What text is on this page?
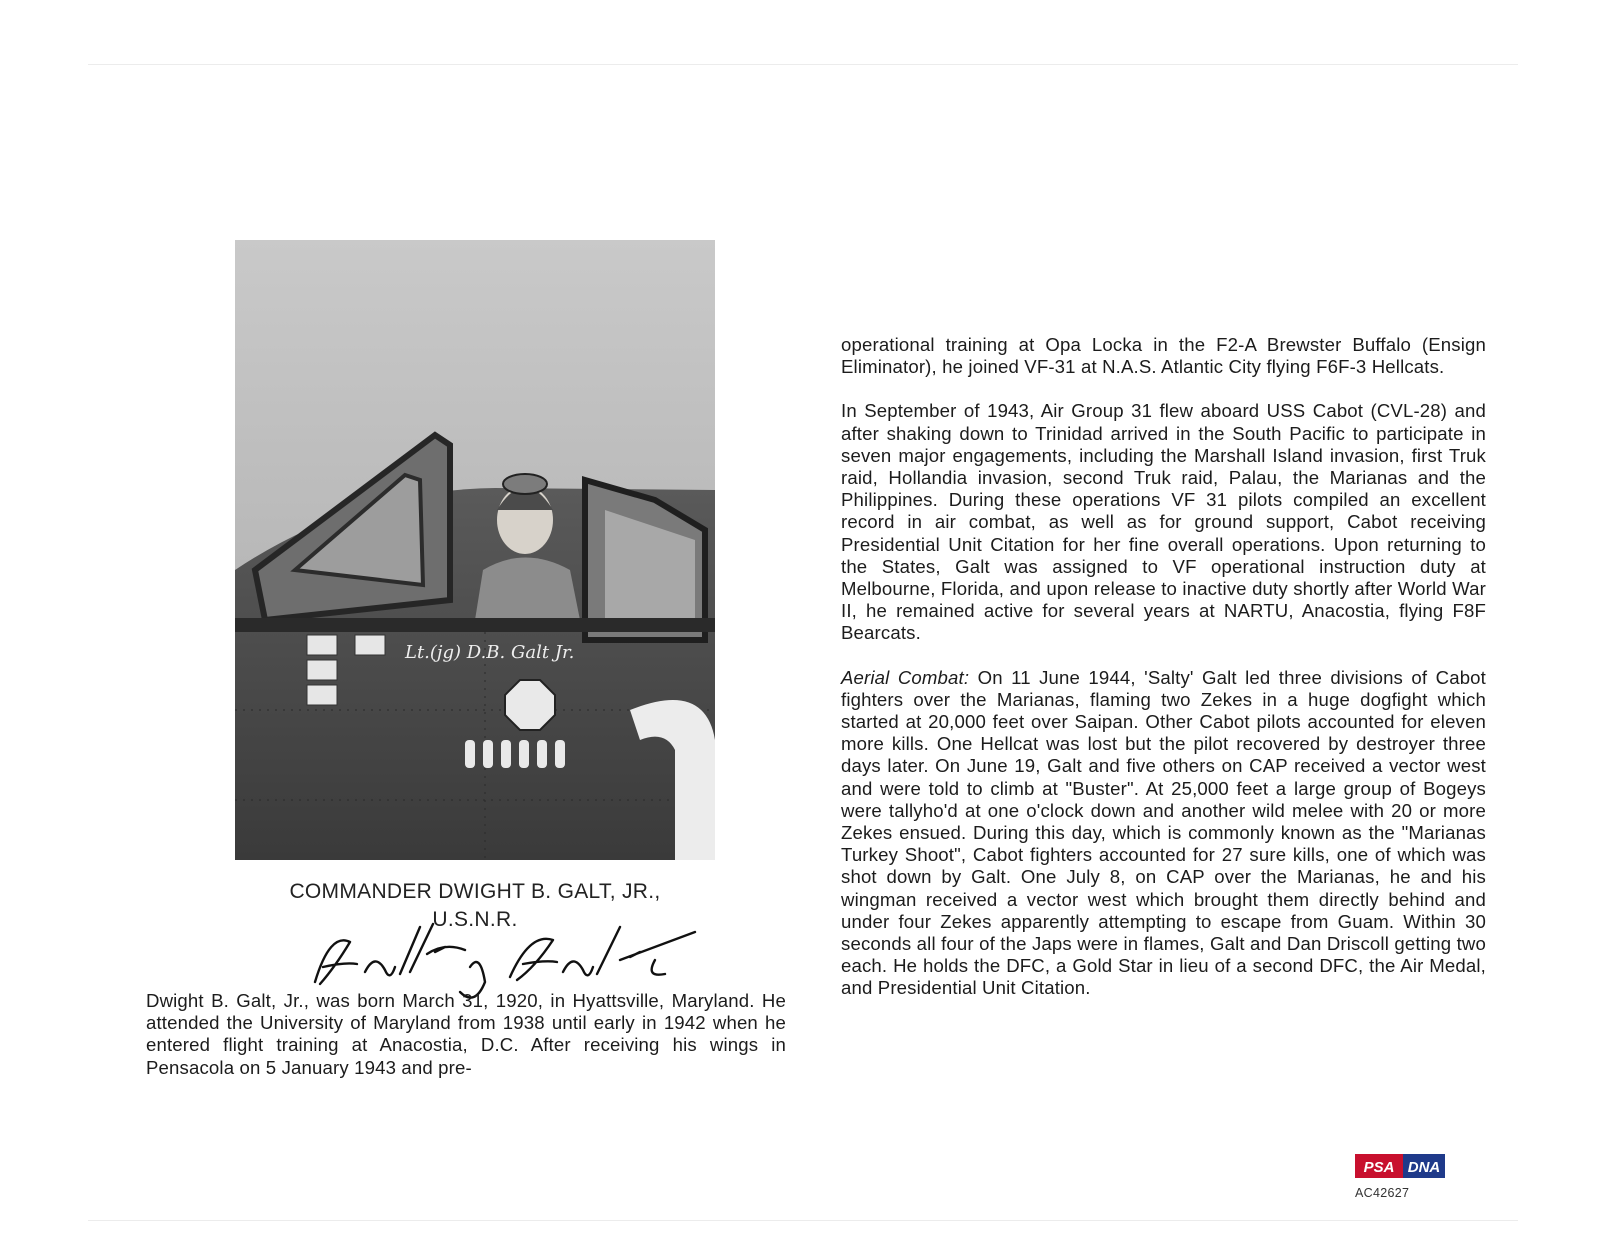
Lt.(jg) D.B. Galt Jr.

COMMANDER DWIGHT B. GALT, JR.,

U.S.N.R.

Dwight B. Galt, Jr., was born March 31, 1920, in Hyattsville, Maryland. He attended the University of Maryland from 1938 until early in 1942 when he entered flight training at Anacostia, D.C. After receiving his wings in Pensacola on 5 January 1943 and pre-

operational training at Opa Locka in the F2-A Brewster Buffalo (Ensign Eliminator), he joined VF-31 at N.A.S. Atlantic City flying F6F-3 Hellcats.

In September of 1943, Air Group 31 flew aboard USS Cabot (CVL-28) and after shaking down to Trinidad arrived in the South Pacific to participate in seven major engagements, including the Marshall Island invasion, first Truk raid, Hollandia invasion, second Truk raid, Palau, the Marianas and the Philippines. During these operations VF 31 pilots compiled an excellent record in air combat, as well as for ground support, Cabot receiving Presidential Unit Citation for her fine overall operations. Upon returning to the States, Galt was assigned to VF operational instruction duty at Melbourne, Florida, and upon release to inactive duty shortly after World War II, he remained active for several years at NARTU, Anacostia, flying F8F Bearcats.

Aerial Combat: On 11 June 1944, 'Salty' Galt led three divisions of Cabot fighters over the Marianas, flaming two Zekes in a huge dogfight which started at 20,000 feet over Saipan. Other Cabot pilots accounted for eleven more kills. One Hellcat was lost but the pilot recovered by destroyer three days later. On June 19, Galt and five others on CAP received a vector west and were told to climb at "Buster". At 25,000 feet a large group of Bogeys were tallyho'd at one o'clock down and another wild melee with 20 or more Zekes ensued. During this day, which is commonly known as the "Marianas Turkey Shoot", Cabot fighters accounted for 27 sure kills, one of which was shot down by Galt. One July 8, on CAP over the Marianas, he and his wingman received a vector west which brought them directly behind and under four Zekes apparently attempting to escape from Guam. Within 30 seconds all four of the Japs were in flames, Galt and Dan Driscoll getting two each. He holds the DFC, a Gold Star in lieu of a second DFC, the Air Medal, and Presidential Unit Citation.

PSA DNA
AC42627
